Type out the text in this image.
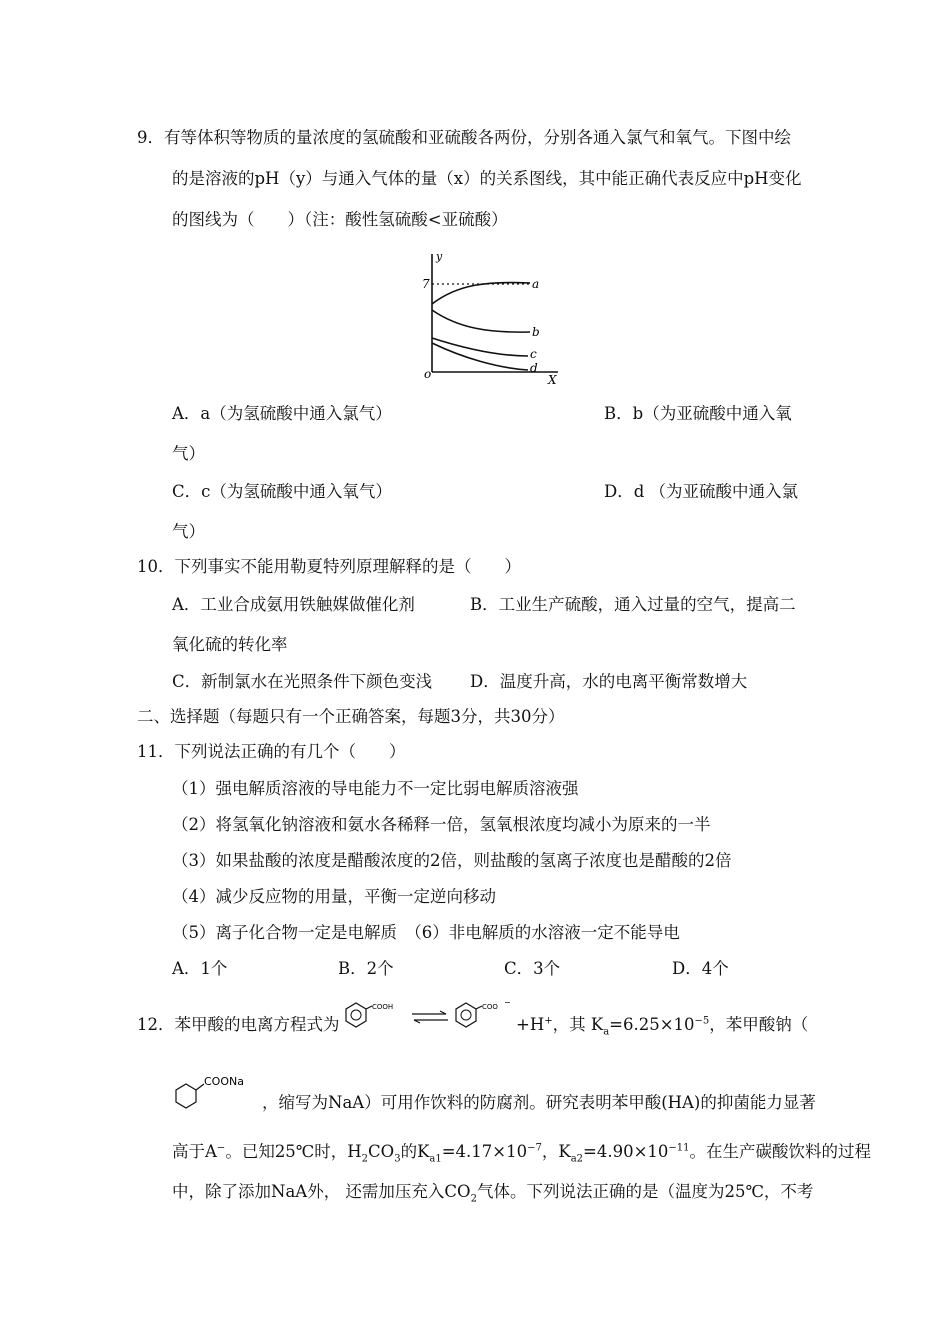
9．有等体积等物质的量浓度的氢硫酸和亚硫酸各两份，分别各通入氯气和氧气。下图中绘
的是溶液的pH（y）与通入气体的量（x）的关系图线，其中能正确代表反应中pH变化
的图线为（　　）（注：酸性氢硫酸<亚硫酸）
y
7
o	X
a
b
c
d
A．a（为氢硫酸中通入氯气）	B．b（为亚硫酸中通入氧
气）
C．c（为氢硫酸中通入氧气）	D．d （为亚硫酸中通入氯
气）
10．下列事实不能用勒夏特列原理解释的是（　　）
A．工业合成氨用铁触媒做催化剂	B．工业生产硫酸，通入过量的空气，提高二
氧化硫的转化率
C．新制氯水在光照条件下颜色变浅 D．温度升高，水的电离平衡常数增大
二、选择题（每题只有一个正确答案，每题3分，共30分）
11．下列说法正确的有几个（　　）
（1）强电解质溶液的导电能力不一定比弱电解质溶液强
（2）将氢氧化钠溶液和氨水各稀释一倍，氢氧根浓度均减小为原来的一半
（3）如果盐酸的浓度是醋酸浓度的2倍，则盐酸的氢离子浓度也是醋酸的2倍
（4）减少反应物的用量，平衡一定逆向移动
（5）离子化合物一定是电解质　（6）非电解质的水溶液一定不能导电
A．1个	B．2个	C．3个	D．4个
12．苯甲酸的电离方程式为
COOH	COO −
+H+，其 $K_a=6.25\times 10^{-5}$，苯甲酸钠（
COONa
，缩写为NaA）可用作饮料的防腐剂。研究表明苯甲酸(HA)的抑菌能力显著
高于A−。已知25℃时，$H_2CO_3$的$K_{a1}=4.17\times 10^{-7}$，$K_{a2}=4.90\times 10^{-11}$。在生产碳酸饮料的过程
中，除了添加NaA外， 还需加压充入$CO_2$气体。下列说法正确的是（温度为25℃，不考
